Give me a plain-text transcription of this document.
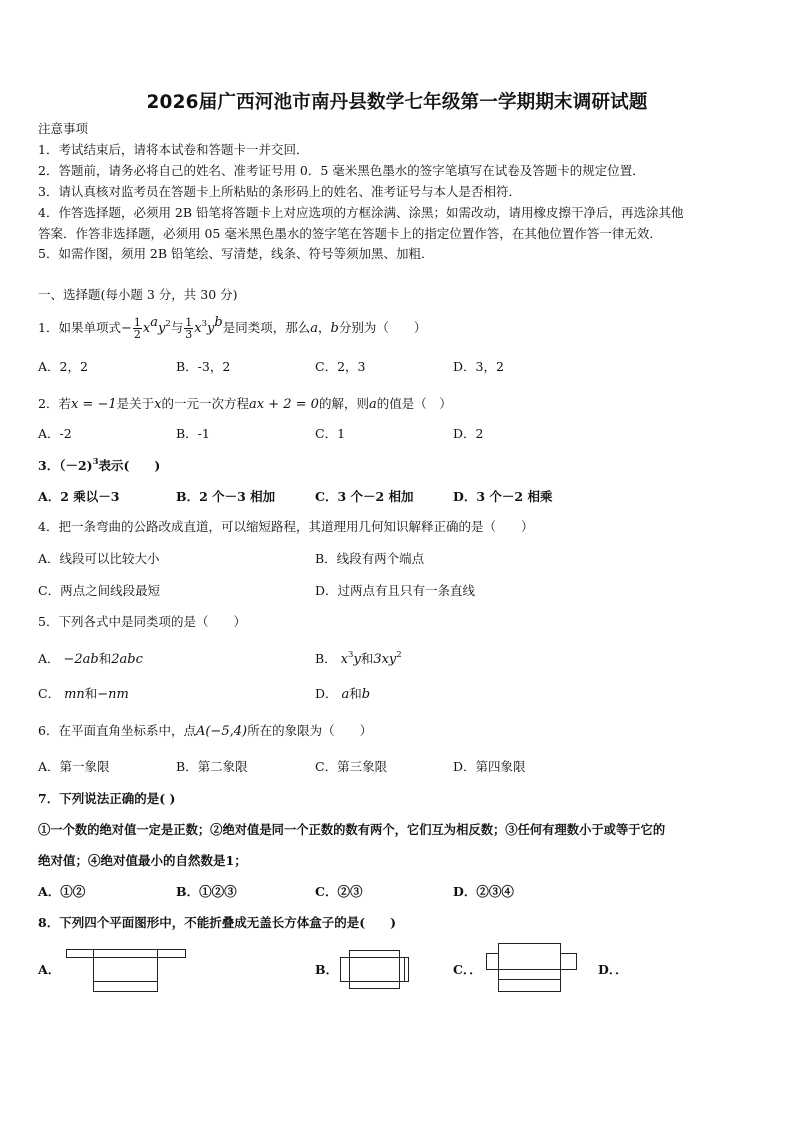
2026届广西河池市南丹县数学七年级第一学期期末调研试题
注意事项
1．考试结束后，请将本试卷和答题卡一并交回．
2．答题前，请务必将自己的姓名、准考证号用 0．5 毫米黑色墨水的签字笔填写在试卷及答题卡的规定位置．
3．请认真核对监考员在答题卡上所粘贴的条形码上的姓名、准考证号与本人是否相符．
4．作答选择题，必须用 2B 铅笔将答题卡上对应选项的方框涂满、涂黑；如需改动，请用橡皮擦干净后，再选涂其他
答案．作答非选择题，必须用 05 毫米黑色墨水的签字笔在答题卡上的指定位置作答，在其他位置作答一律无效．
5．如需作图，须用 2B 铅笔绘、写清楚，线条、符号等须加黑、加粗．
一、选择题(每小题 3 分，共 30 分)
1．如果单项式− $\frac{1}{2} x^ay^2$与 $\frac{1}{3} x^3y^b$是同类项，那么a，b分别为（　　）
A．2，2	B．-3，2	C．2，3	D．3，2
2．若x = −1是关于x的一元一次方程ax + 2 = 0的解，则a的值是（　）
A．-2	B．-1	C．1	D．2
3．（－2)$^3$表示(　　)
A．2 乘以－3	B．2 个－3 相加	C．3 个－2 相加	D．3 个－2 相乘
4．把一条弯曲的公路改成直道，可以缩短路程，其道理用几何知识解释正确的是（　　）
A．线段可以比较大小	B．线段有两个端点
C．两点之间线段最短	D．过两点有且只有一条直线
5．下列各式中是同类项的是（　　）
A． −2ab和2abc	B． $x^3y$和$3xy^2$
C． mn和−nm	D． a和b
6．在平面直角坐标系中，点A(−5,4)所在的象限为（　　）
A．第一象限	B．第二象限	C．第三象限	D．第四象限
7．下列说法正确的是( )
①一个数的绝对值一定是正数；②绝对值是同一个正数的数有两个，它们互为相反数；③任何有理数小于或等于它的
绝对值；④绝对值最小的自然数是1；
A．①②	B．①②③	C．②③	D．②③④
8．下列四个平面图形中，不能折叠成无盖长方体盒子的是(　　)
A．	B．	C．．	D．．
